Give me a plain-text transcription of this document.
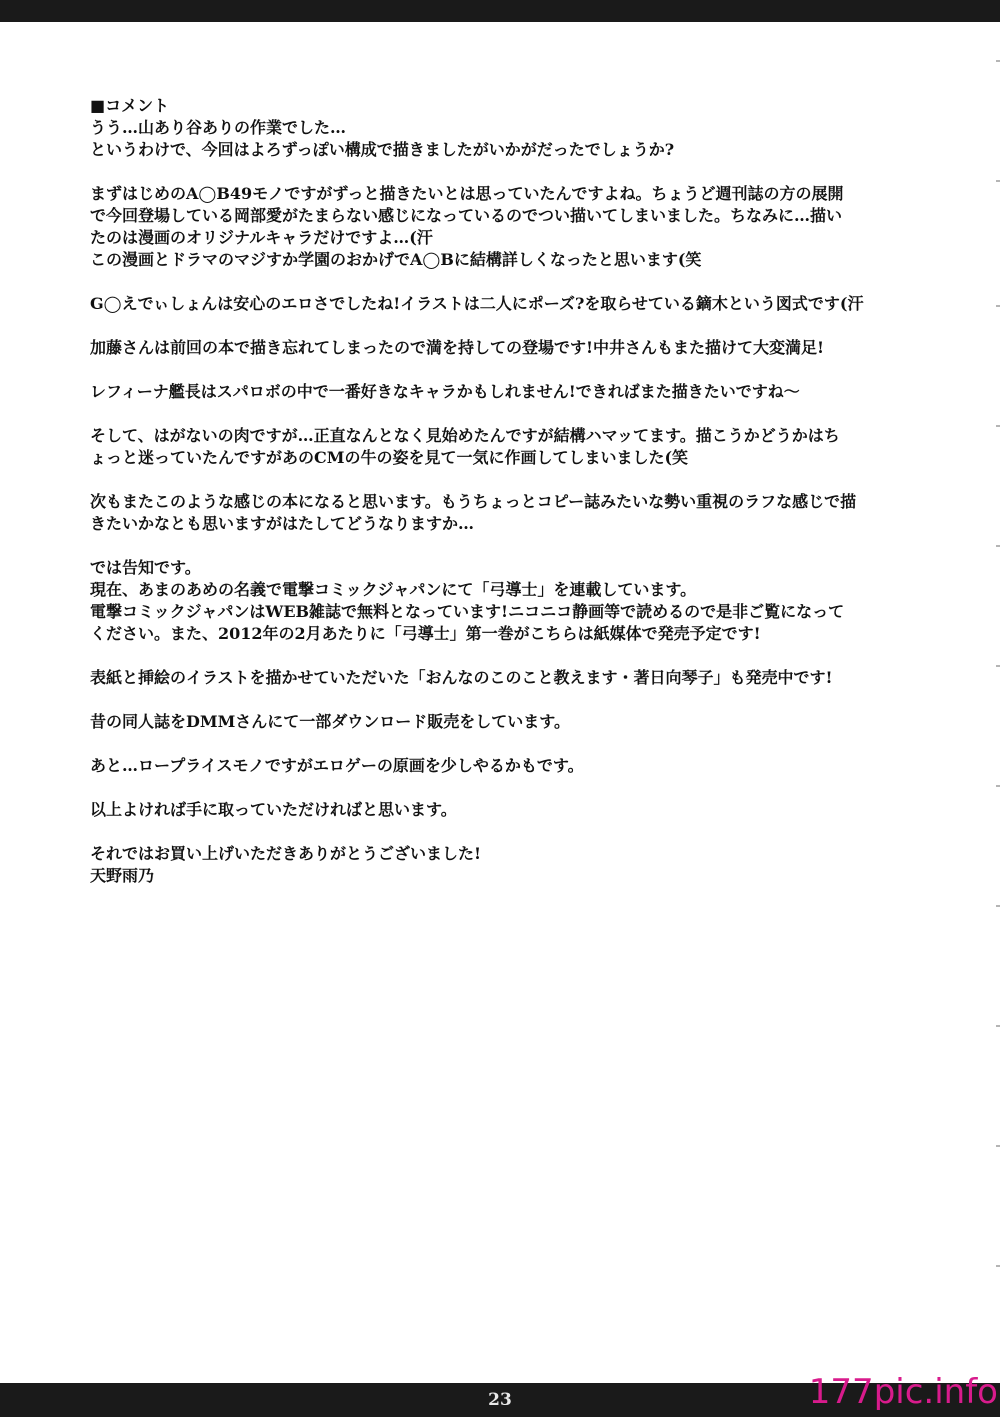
■コメント
うう…山あり谷ありの作業でした…
というわけで、今回はよろずっぽい構成で描きましたがいかがだったでしょうか?
まずはじめのA◯B49モノですがずっと描きたいとは思っていたんですよね。ちょうど週刊誌の方の展開
で今回登場している岡部愛がたまらない感じになっているのでつい描いてしまいました。ちなみに…描い
たのは漫画のオリジナルキャラだけですよ…(汗
この漫画とドラマのマジすか学園のおかげでA◯Bに結構詳しくなったと思います(笑
G◯えでぃしょんは安心のエロさでしたね!イラストは二人にポーズ?を取らせている鏑木という図式です(汗
加藤さんは前回の本で描き忘れてしまったので満を持しての登場です!中井さんもまた描けて大変満足!
レフィーナ艦長はスパロボの中で一番好きなキャラかもしれません!できればまた描きたいですね～
そして、はがないの肉ですが…正直なんとなく見始めたんですが結構ハマッてます。描こうかどうかはち
ょっと迷っていたんですがあのCMの牛の姿を見て一気に作画してしまいました(笑
次もまたこのような感じの本になると思います。もうちょっとコピー誌みたいな勢い重視のラフな感じで描
きたいかなとも思いますがはたしてどうなりますか…
では告知です。
現在、あまのあめの名義で電撃コミックジャパンにて「弓導士」を連載しています。
電撃コミックジャパンはWEB雑誌で無料となっています!ニコニコ静画等で読めるので是非ご覧になって
ください。また、2012年の2月あたりに「弓導士」第一巻がこちらは紙媒体で発売予定です!
表紙と挿絵のイラストを描かせていただいた「おんなのこのこと教えます・著日向琴子」も発売中です!
昔の同人誌をDMMさんにて一部ダウンロード販売をしています。
あと…ロープライスモノですがエロゲーの原画を少しやるかもです。
以上よければ手に取っていただければと思います。
それではお買い上げいただきありがとうございました!
天野雨乃
23	177pic.info
